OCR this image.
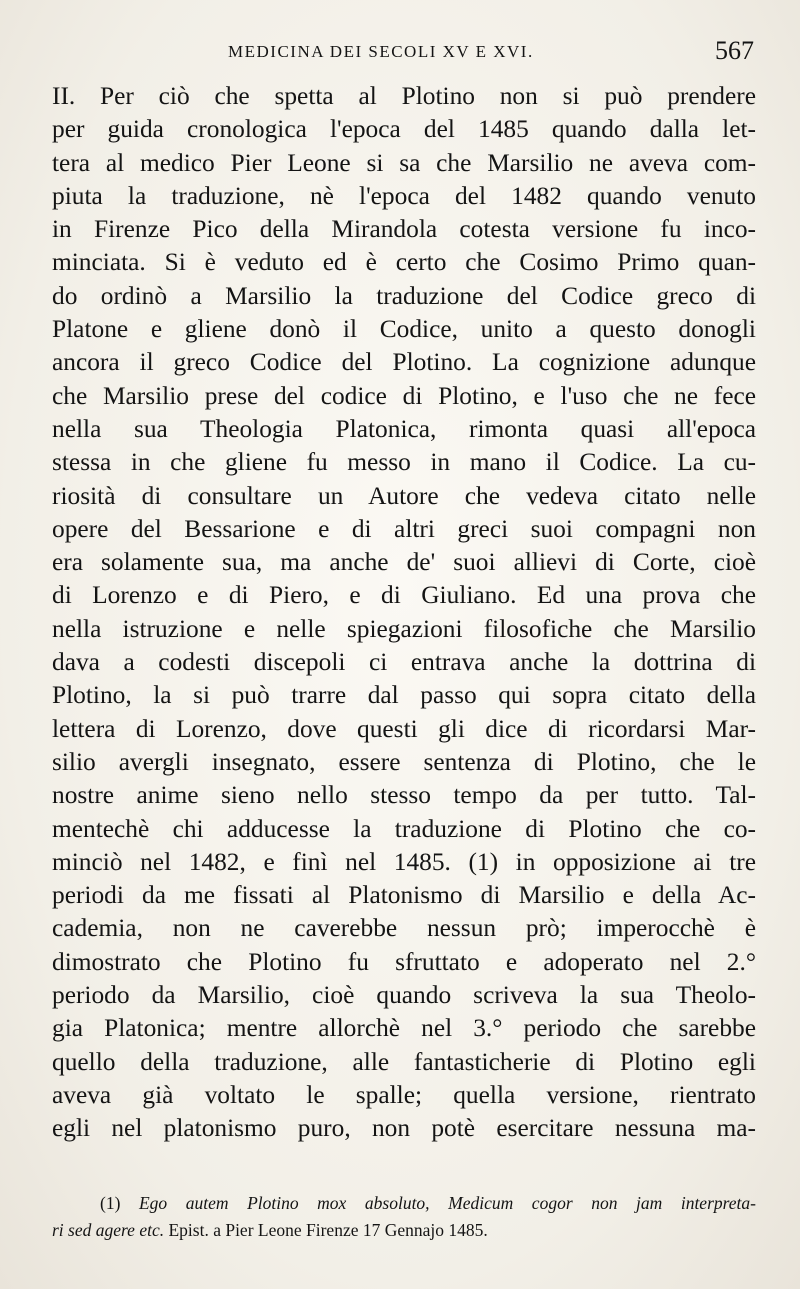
MEDICINA DEI SECOLI XV E XVI.	567
II. Per ciò che spetta al Plotino non si può prendere
per guida cronologica l'epoca del 1485 quando dalla let-
tera al medico Pier Leone si sa che Marsilio ne aveva com-
piuta la traduzione, nè l'epoca del 1482 quando venuto
in Firenze Pico della Mirandola cotesta versione fu inco-
minciata. Si è veduto ed è certo che Cosimo Primo quan-
do ordinò a Marsilio la traduzione del Codice greco di
Platone e gliene donò il Codice, unito a questo donogli
ancora il greco Codice del Plotino. La cognizione adunque
che Marsilio prese del codice di Plotino, e l'uso che ne fece
nella sua Theologia Platonica, rimonta quasi all'epoca
stessa in che gliene fu messo in mano il Codice. La cu-
riosità di consultare un Autore che vedeva citato nelle
opere del Bessarione e di altri greci suoi compagni non
era solamente sua, ma anche de' suoi allievi di Corte, cioè
di Lorenzo e di Piero, e di Giuliano. Ed una prova che
nella istruzione e nelle spiegazioni filosofiche che Marsilio
dava a codesti discepoli ci entrava anche la dottrina di
Plotino, la si può trarre dal passo qui sopra citato della
lettera di Lorenzo, dove questi gli dice di ricordarsi Mar-
silio avergli insegnato, essere sentenza di Plotino, che le
nostre anime sieno nello stesso tempo da per tutto. Tal-
mentechè chi adducesse la traduzione di Plotino che co-
minciò nel 1482, e finì nel 1485. (1) in opposizione ai tre
periodi da me fissati al Platonismo di Marsilio e della Ac-
cademia, non ne caverebbe nessun prò; imperocchè è
dimostrato che Plotino fu sfruttato e adoperato nel 2.°
periodo da Marsilio, cioè quando scriveva la sua Theolo-
gia Platonica; mentre allorchè nel 3.° periodo che sarebbe
quello della traduzione, alle fantasticherie di Plotino egli
aveva già voltato le spalle; quella versione, rientrato
egli nel platonismo puro, non potè esercitare nessuna ma-
(1) Ego autem Plotino mox absoluto, Medicum cogor non jam interpreta-
ri sed agere etc. Epist. a Pier Leone Firenze 17 Gennajo 1485.
